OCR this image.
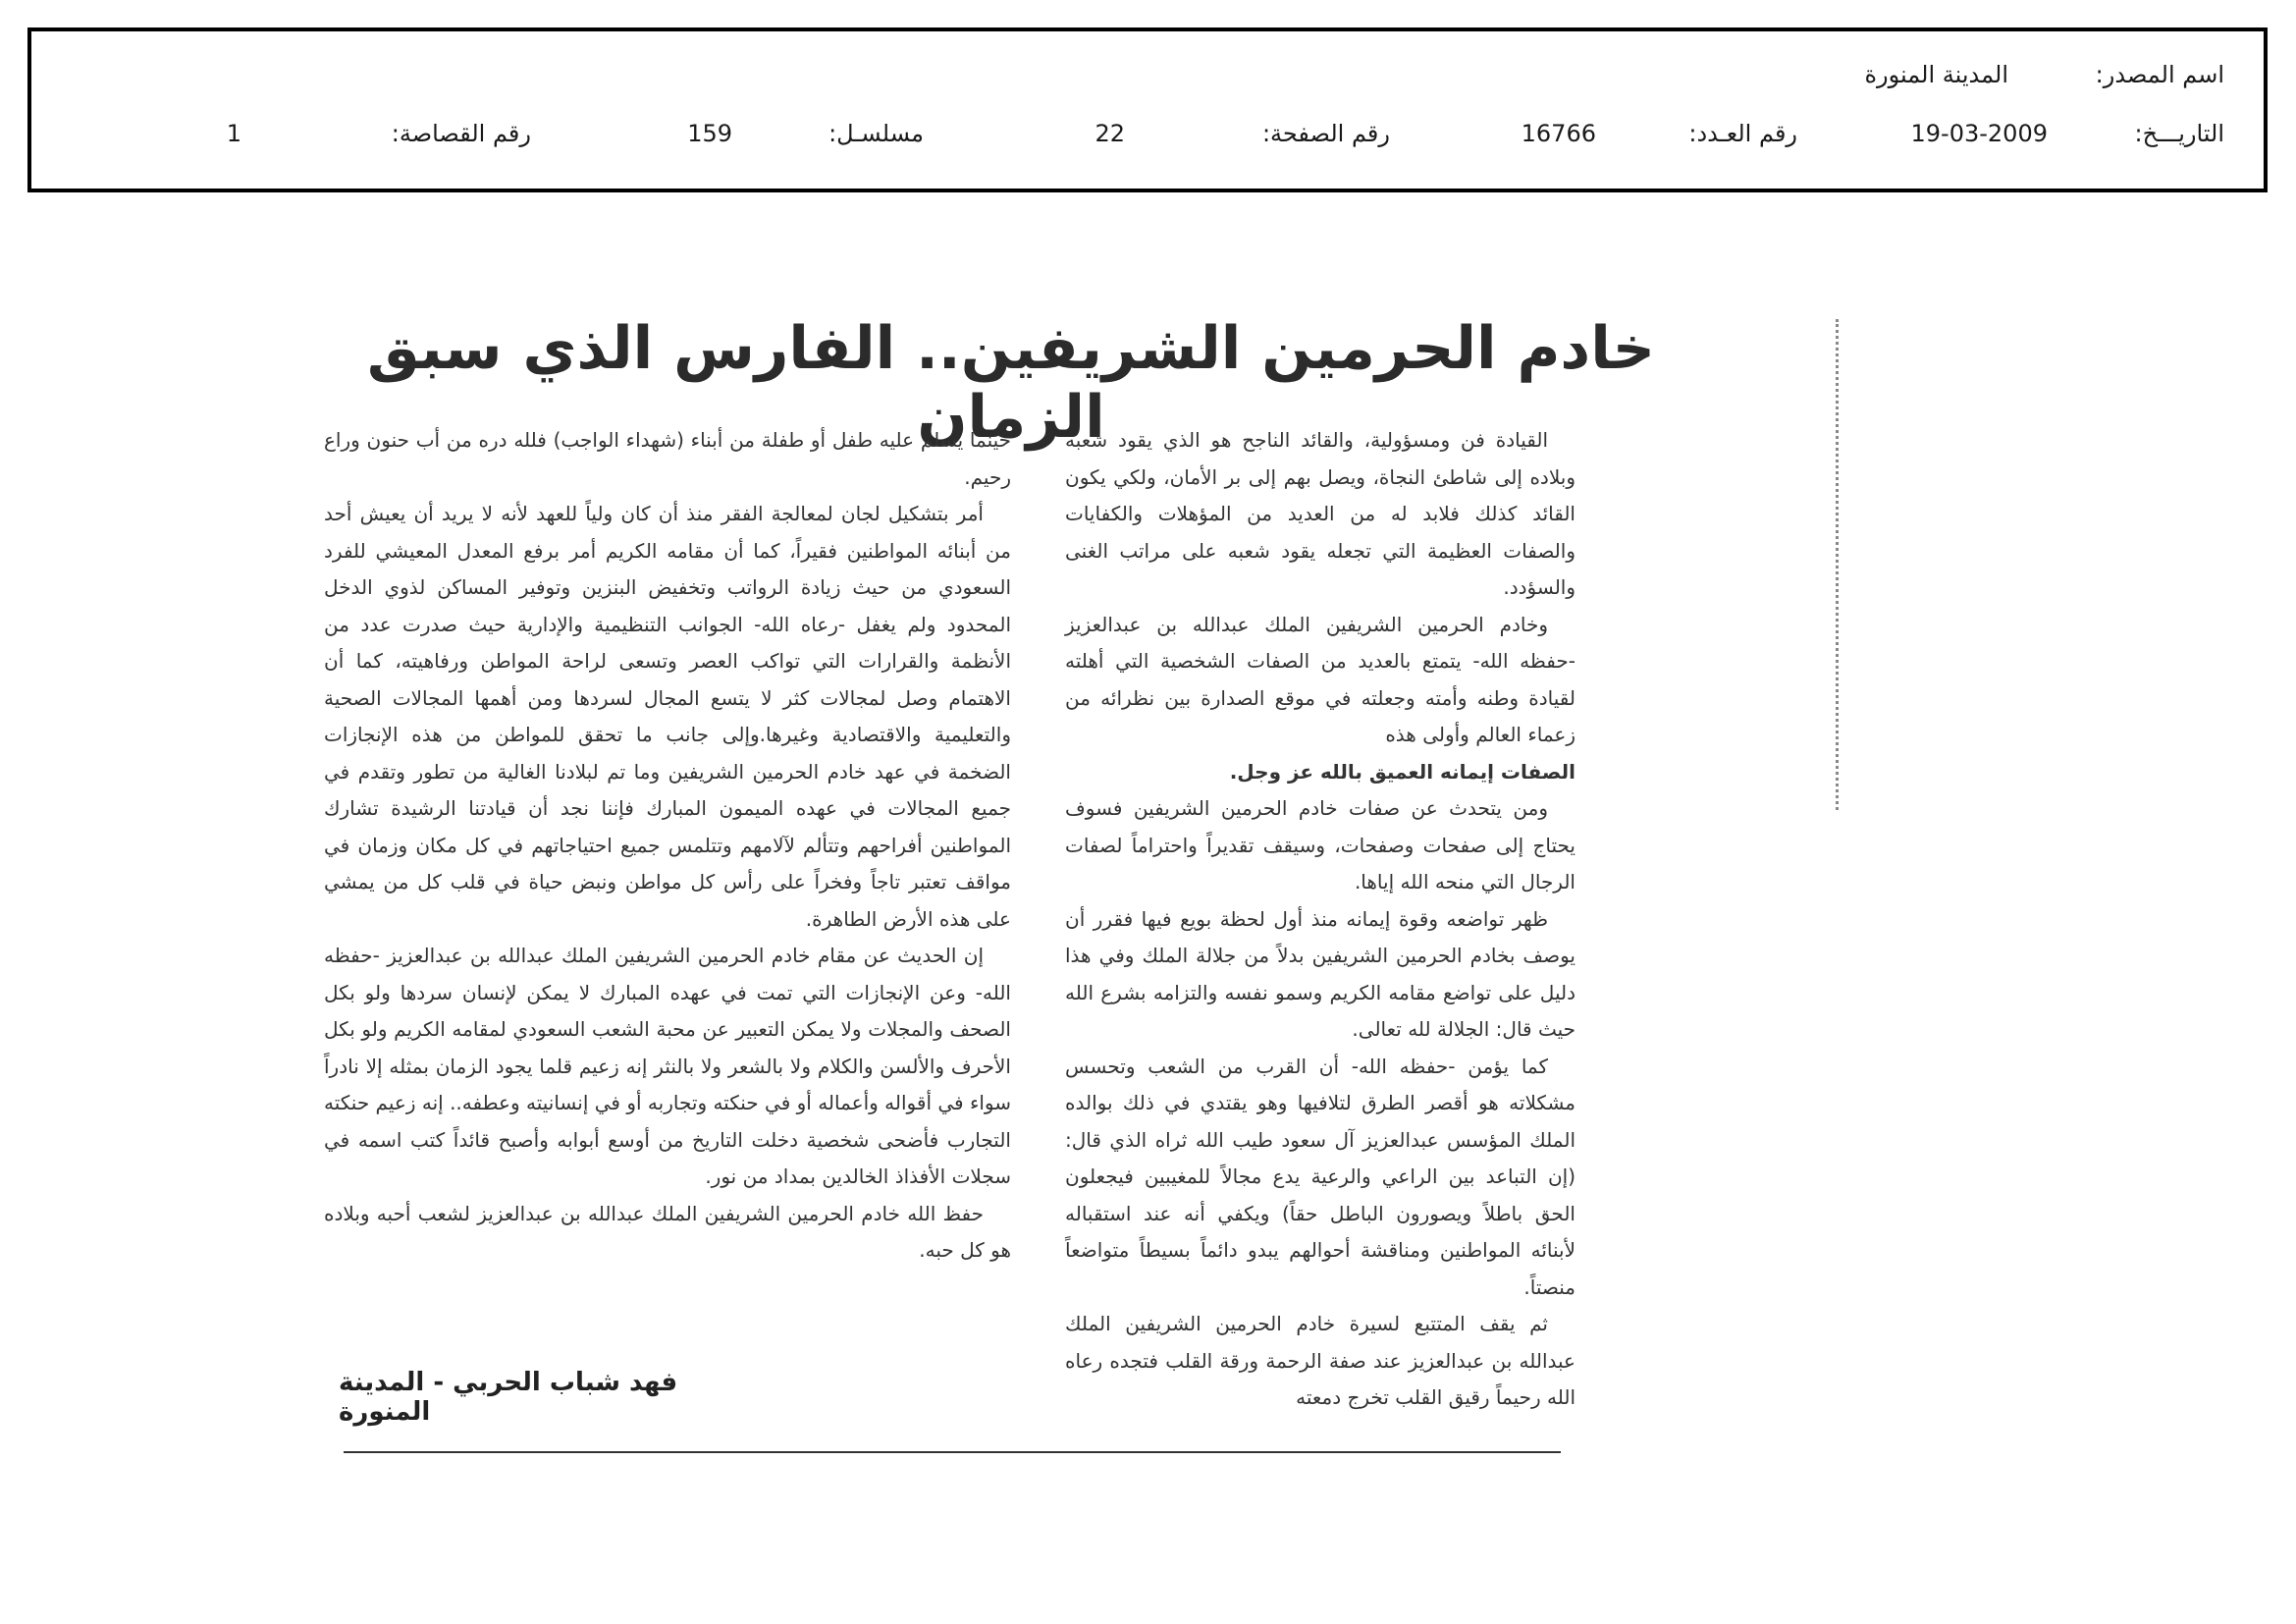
اسم المصدر:
المدينة المنورة
التاريـــخ:
19-03-2009
رقم العـدد:
16766
رقم الصفحة:
22
مسلسـل:
159
رقم القصاصة:
1
خادم الحرمين الشريفين.. الفارس الذي سبق الزمان

القيادة فن ومسؤولية، والقائد الناجح هو الذي يقود شعبه وبلاده إلى شاطئ النجاة، ويصل بهم إلى بر الأمان، ولكي يكون القائد كذلك فلابد له من العديد من المؤهلات والكفايات والصفات العظيمة التي تجعله يقود شعبه على مراتب الغنى والسؤدد.

وخادم الحرمين الشريفين الملك عبدالله بن عبدالعزيز -حفظه الله- يتمتع بالعديد من الصفات الشخصية التي أهلته لقيادة وطنه وأمته وجعلته في موقع الصدارة بين نظرائه من زعماء العالم وأولى هذه

الصفات إيمانه العميق بالله عز وجل.

ومن يتحدث عن صفات خادم الحرمين الشريفين فسوف يحتاج إلى صفحات وصفحات، وسيقف تقديراً واحتراماً لصفات الرجال التي منحه الله إياها.

ظهر تواضعه وقوة إيمانه منذ أول لحظة بويع فيها فقرر أن يوصف بخادم الحرمين الشريفين بدلاً من جلالة الملك وفي هذا دليل على تواضع مقامه الكريم وسمو نفسه والتزامه بشرع الله حيث قال: الجلالة لله تعالى.

كما يؤمن -حفظه الله- أن القرب من الشعب وتحسس مشكلاته هو أقصر الطرق لتلافيها وهو يقتدي في ذلك بوالده الملك المؤسس عبدالعزيز آل سعود طيب الله ثراه الذي قال: (إن التباعد بين الراعي والرعية يدع مجالاً للمغيبين فيجعلون الحق باطلاً ويصورون الباطل حقاً) ويكفي أنه عند استقباله لأبنائه المواطنين ومناقشة أحوالهم يبدو دائماً بسيطاً متواضعاً منصتاً.

ثم يقف المتتبع لسيرة خادم الحرمين الشريفين الملك عبدالله بن عبدالعزيز عند صفة الرحمة ورقة القلب فتجده رعاه الله رحيماً رقيق القلب تخرج دمعته

حينما يسلم عليه طفل أو طفلة من أبناء (شهداء الواجب) فلله دره من أب حنون وراع رحيم.

أمر بتشكيل لجان لمعالجة الفقر منذ أن كان ولياً للعهد لأنه لا يريد أن يعيش أحد من أبنائه المواطنين فقيراً، كما أن مقامه الكريم أمر برفع المعدل المعيشي للفرد السعودي من حيث زيادة الرواتب وتخفيض البنزين وتوفير المساكن لذوي الدخل المحدود ولم يغفل -رعاه الله- الجوانب التنظيمية والإدارية حيث صدرت عدد من الأنظمة والقرارات التي تواكب العصر وتسعى لراحة المواطن ورفاهيته، كما أن الاهتمام وصل لمجالات كثر لا يتسع المجال لسردها ومن أهمها المجالات الصحية والتعليمية والاقتصادية وغيرها.وإلى جانب ما تحقق للمواطن من هذه الإنجازات الضخمة في عهد خادم الحرمين الشريفين وما تم لبلادنا الغالية من تطور وتقدم في جميع المجالات في عهده الميمون المبارك فإننا نجد أن قيادتنا الرشيدة تشارك المواطنين أفراحهم وتتألم لآلامهم وتتلمس جميع احتياجاتهم في كل مكان وزمان في مواقف تعتبر تاجاً وفخراً على رأس كل مواطن ونبض حياة في قلب كل من يمشي على هذه الأرض الطاهرة.

إن الحديث عن مقام خادم الحرمين الشريفين الملك عبدالله بن عبدالعزيز -حفظه الله- وعن الإنجازات التي تمت في عهده المبارك لا يمكن لإنسان سردها ولو بكل الصحف والمجلات ولا يمكن التعبير عن محبة الشعب السعودي لمقامه الكريم ولو بكل الأحرف والألسن والكلام ولا بالشعر ولا بالنثر إنه زعيم قلما يجود الزمان بمثله إلا نادراً سواء في أقواله وأعماله أو في حنكته وتجاربه أو في إنسانيته وعطفه.. إنه زعيم حنكته التجارب فأضحى شخصية دخلت التاريخ من أوسع أبوابه وأصبح قائداً كتب اسمه في سجلات الأفذاذ الخالدين بمداد من نور.

حفظ الله خادم الحرمين الشريفين الملك عبدالله بن عبدالعزيز لشعب أحبه وبلاده هو كل حبه.

فهد شباب الحربي - المدينة المنورة
